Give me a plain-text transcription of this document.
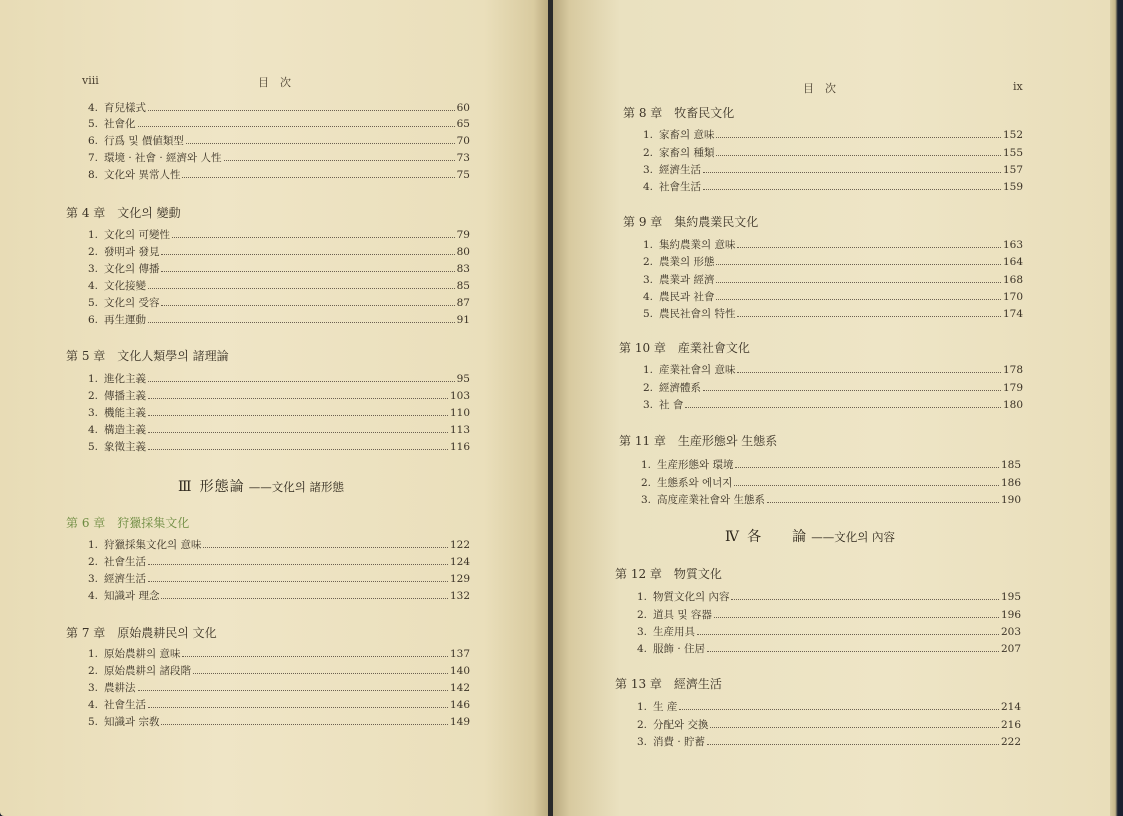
viii	目　次
4. 育兒樣式	60
5. 社會化	65
6. 行爲 및 價値類型	70
7. 環境 · 社會 · 經濟와 人性	73
8. 文化와 異常人性	75
第 4 章　文化의 變動
1. 文化의 可變性	79
2. 發明과 發見	80
3. 文化의 傳播	83
4. 文化接變	85
5. 文化의 受容	87
6. 再生運動	91
第 5 章　文化人類學의 諸理論
1. 進化主義	95
2. 傳播主義	103
3. 機能主義	110
4. 構造主義	113
5. 象徵主義	116
Ⅲ 形態論 ——文化의 諸形態
第 6 章　狩獵採集文化
1. 狩獵採集文化의 意味	122
2. 社會生活	124
3. 經濟生活	129
4. 知識과 理念	132
第 7 章　原始農耕民의 文化
1. 原始農耕의 意味	137
2. 原始農耕의 諸段階	140
3. 農耕法	142
4. 社會生活	146
5. 知識과 宗敎	149
目　次	ix
第 8 章　牧畜民文化
1. 家畜의 意味	152
2. 家畜의 種類	155
3. 經濟生活	157
4. 社會生活	159
第 9 章　集約農業民文化
1. 集約農業의 意味	163
2. 農業의 形態	164
3. 農業과 經濟	168
4. 農民과 社會	170
5. 農民社會의 特性	174
第 10 章　産業社會文化
1. 産業社會의 意味	178
2. 經濟體系	179
3. 社 會	180
第 11 章　生産形態와 生態系
1. 生産形態와 環境	185
2. 生態系와 에너지	186
3. 高度産業社會와 生態系	190
Ⅳ 各　　論 ——文化의 內容
第 12 章　物質文化
1. 物質文化의 內容	195
2. 道具 및 容器	196
3. 生産用具	203
4. 服飾 · 住居	207
第 13 章　經濟生活
1. 生 産	214
2. 分配와 交換	216
3. 消費 · 貯蓄	222
